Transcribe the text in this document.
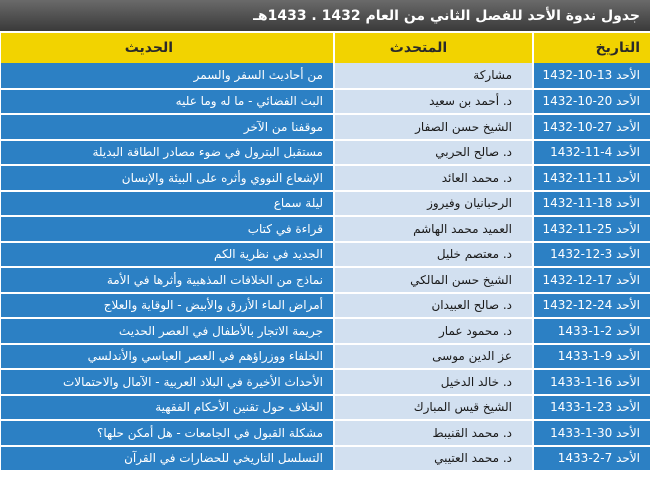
جدول ندوة الأحد للفصل الثاني من العام 1432 . 1433هـ
التاريخ	المتحدث	الحديث
الأحد 13-10-1432	مشاركة	من أحاديث السفر والسمر
الأحد 20-10-1432	د. أحمد بن سعيد	البث الفضائي - ما له وما عليه
الأحد 27-10-1432	الشيخ حسن الصفار	موقفنا من الآخر
الأحد 4-11-1432	د. صالح الحربي	مستقبل البترول في ضوء مصادر الطاقة البديلة
الأحد 11-11-1432	د. محمد العائد	الإشعاع النووي وأثره على البيئة والإنسان
الأحد 18-11-1432	الرحبانيان وفيروز	ليلة سماع
الأحد 25-11-1432	العميد محمد الهاشم	قراءة في كتاب
الأحد 3-12-1432	د. معتصم خليل	الجديد في نظرية الكم
الأحد 17-12-1432	الشيخ حسن المالكي	نماذج من الخلافات المذهبية وأثرها في الأمة
الأحد 24-12-1432	د. صالح العبيدان	أمراض الماء الأزرق والأبيض - الوقاية والعلاج
الأحد 2-1-1433	د. محمود عمار	جريمة الاتجار بالأطفال في العصر الحديث
الأحد 9-1-1433	عز الدين موسى	الخلفاء ووزراؤهم في العصر العباسي والأندلسي
الأحد 16-1-1433	د. خالد الدخيل	الأحداث الأخيرة في البلاد العربية - الآمال والاحتمالات
الأحد 23-1-1433	الشيخ قيس المبارك	الخلاف حول تقنين الأحكام الفقهية
الأحد 30-1-1433	د. محمد القنيبط	مشكلة القبول في الجامعات - هل أمكن حلها؟
الأحد 7-2-1433	د. محمد العتيبي	التسلسل التاريخي للحضارات في القرآن
